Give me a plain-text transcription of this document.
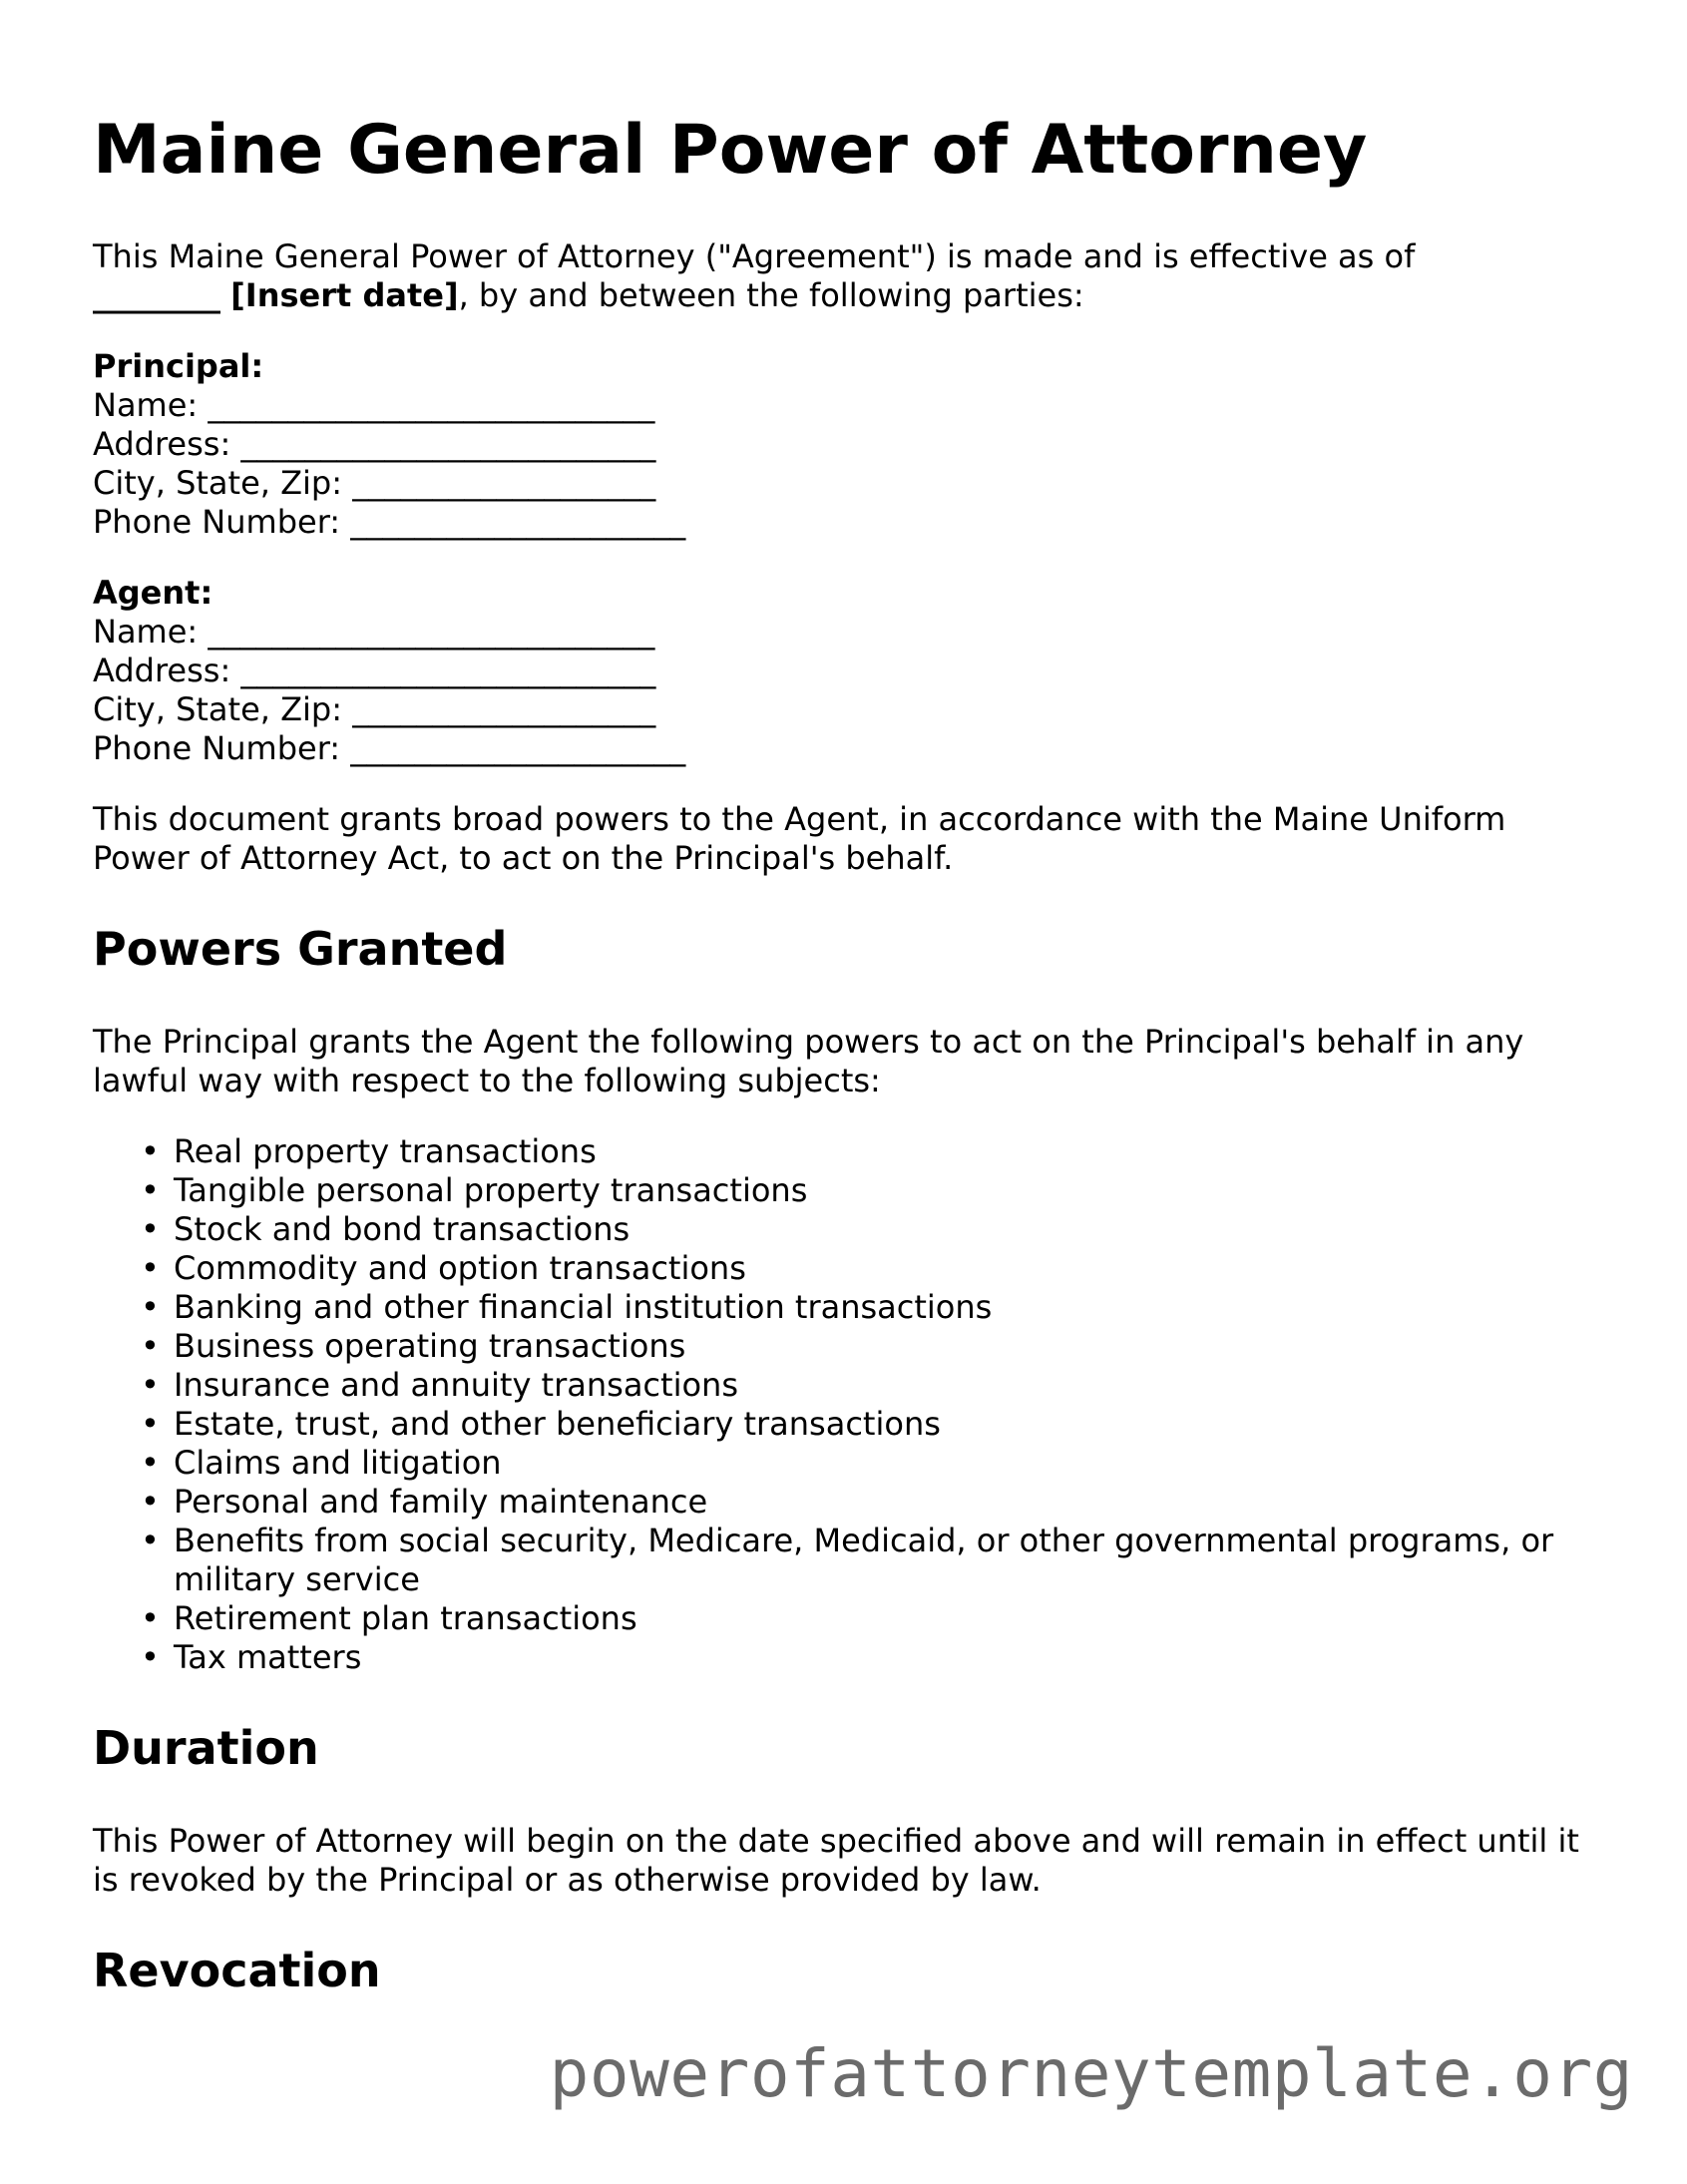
Maine General Power of Attorney

This Maine General Power of Attorney ("Agreement") is made and is effective as of
________ [Insert date], by and between the following parties:

Principal:
Name: ____________________________
Address: __________________________
City, State, Zip: ___________________
Phone Number: _____________________
Agent:
Name: ____________________________
Address: __________________________
City, State, Zip: ___________________
Phone Number: _____________________

This document grants broad powers to the Agent, in accordance with the Maine Uniform Power of Attorney Act, to act on the Principal's behalf.

Powers Granted

The Principal grants the Agent the following powers to act on the Principal's behalf in any lawful way with respect to the following subjects:

• Real property transactions
• Tangible personal property transactions
• Stock and bond transactions
• Commodity and option transactions
• Banking and other financial institution transactions
• Business operating transactions
• Insurance and annuity transactions
• Estate, trust, and other beneficiary transactions
• Claims and litigation
• Personal and family maintenance
• Benefits from social security, Medicare, Medicaid, or other governmental programs, or military service
• Retirement plan transactions
• Tax matters
Duration

This Power of Attorney will begin on the date specified above and will remain in effect until it is revoked by the Principal or as otherwise provided by law.

Revocation
powerofattorneytemplate.org
